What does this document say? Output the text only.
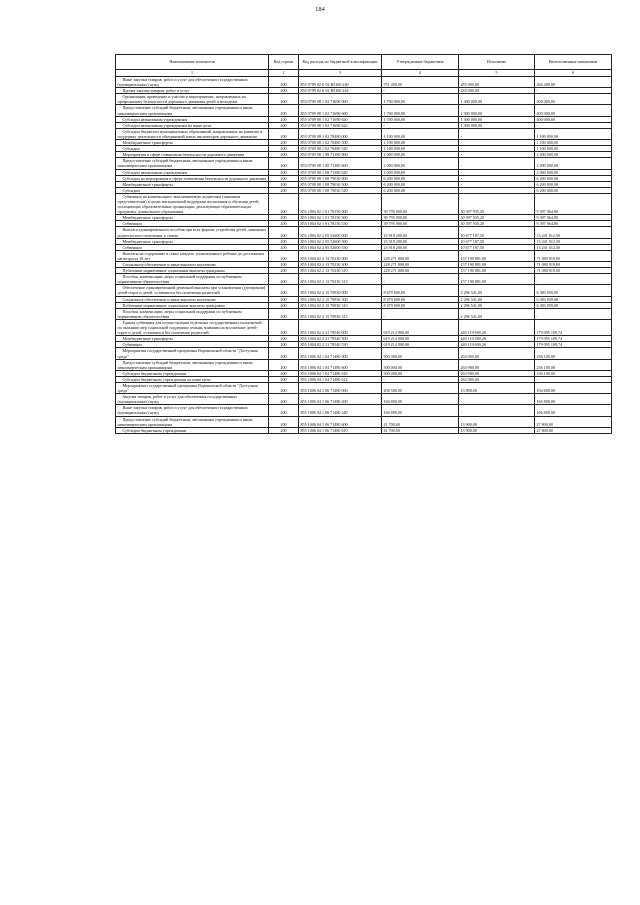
184
Наименование показателя	Код строки	Код расхода по бюджетной классификации	Утвержденные бюджетные	Исполнено	Неисполненные назначения
1	2	3	4	5	6
Иные закупки товаров, работ и услуг для обеспечения государственных (муниципальных) нужд	200	855 0709 02 Б 02 R5160 240	751 400,00	285 000,00	466 400,00
Прочая закупка товаров, работ и услуг	200	855 0709 02 Б 02 R5160 244	-	285 000,00	-
Организация, проведение и участие в мероприятиях, направленных на профилактику безопасности дорожного движения детей и молодежи	200	855 0709 08 1 02 71690 000	1 700 000,00	1 300 000,00	400 000,00
Предоставление субсидий бюджетным, автономным учреждениям и иным некоммерческим организациям	200	855 0709 08 1 02 71690 600	1 700 000,00	1 300 000,00	400 000,00
Субсидии автономным учреждениям	200	855 0709 08 1 02 71690 620	1 700 000,00	1 300 000,00	400 000,00
Субсидии автономным учреждениям на иные цели	200	855 0709 08 1 02 71690 622	-	1 300 000,00	-
Субсидии бюджетам муниципальных образований, направленные на развитие и поддержку деятельности объединений юных инспекторов дорожного движения	200	855 0709 08 1 02 78480 000	1 100 000,00	-	1 100 000,00
Межбюджетные трансферты	200	855 0709 08 1 02 78480 500	1 100 000,00	-	1 100 000,00
Субсидии	200	855 0709 08 1 02 78480 520	1 100 000,00	-	1 100 000,00
Мероприятия в сфере повышения безопасности дорожного движения	200	855 0709 08 1 08 71380 000	2 000 000,00	-	2 000 000,00
Предоставление субсидий бюджетным, автономным учреждениям и иным некоммерческим организациям	200	855 0709 08 1 08 71380 600	2 000 000,00	-	2 000 000,00
Субсидии автономным учреждениям	200	855 0709 08 1 08 71380 620	2 000 000,00	-	2 000 000,00
Субсидии на мероприятия в сфере повышения безопасности дорожного движения	200	855 0709 08 1 08 79030 000	6 200 000,00	-	6 200 000,00
Межбюджетные трансферты	200	855 0709 08 1 08 79030 500	6 200 000,00	-	6 200 000,00
Субсидии	200	855 0709 08 1 08 79030 520	6 200 000,00	-	6 200 000,00
Субвенции на компенсацию, выплачиваемую родителям (законным представителям) в целях материальной поддержки воспитания и обучения детей, посещающих образовательные организации, реализующие образовательную программу дошкольного образования	200	855 1004 02 1 01 78150 000	39 795 000,00	30 397 935,20	9 397 064,80
Межбюджетные трансферты	200	855 1004 02 1 01 78150 500	39 795 000,00	30 397 935,20	9 397 064,80
Субвенции	200	855 1004 02 1 01 78150 530	39 795 000,00	30 397 935,20	9 397 064,80
Выплата единовременного пособия при всех формах устройства детей, лишенных родительского попечения, в семью	200	855 1004 02 2 05 52600 000	23 918 200,00	10 677 187,50	13 241 012,50
Межбюджетные трансферты	200	855 1004 02 2 05 52600 500	23 918 200,00	10 677 187,50	13 241 012,50
Субвенции	200	855 1004 02 2 05 52600 530	23 918 200,00	10 677 187,50	13 241 012,50
Выплаты на содержание в семье каждого усыновленного ребенка до достижения им возраста 18 лет	200	855 1004 02 2 13 70230 000	228 271 800,00	157 190 881,00	71 080 919,00
Социальное обеспечение и иные выплаты населению	200	855 1004 02 2 13 70230 300	228 271 800,00	157 190 881,00	71 080 919,00
Публичные нормативные социальные выплаты гражданам	200	855 1004 02 2 13 70230 310	228 271 800,00	157 190 881,00	71 080 919,00
Пособия, компенсации, меры социальной поддержки по публичным нормативным обязательствам	200	855 1004 02 2 13 70230 313	-	157 190 881,00	-
Обеспечение единовременной денежной выплаты при усыновлении (удочерении) детей-сирот и детей, оставшихся без попечения родителей	200	855 1004 02 2 15 70930 000	8 679 600,00	2 296 541,00	6 383 059,00
Социальное обеспечение и иные выплаты населению	200	855 1004 02 2 15 70930 300	8 679 600,00	2 296 541,00	6 383 059,00
Публичные нормативные социальные выплаты гражданам	200	855 1004 02 2 15 70930 310	8 679 600,00	2 296 541,00	6 383 059,00
Пособия, компенсации, меры социальной поддержки по публичным нормативным обязательствам	200	855 1004 02 2 15 70930 313	-	2 296 541,00	-
Единая субвенция для осуществления отдельных государственных полномочий по оказанию мер социальной поддержки семьям, взявшим на воспитание детей-сирот и детей, оставшихся без попечения родителей	200	855 1004 02 2 21 78540 000	619 214 800,00	440 119 690,26	179 095 109,74
Межбюджетные трансферты	200	855 1004 02 2 21 78540 500	619 214 800,00	440 119 690,26	179 095 109,74
Субвенции	200	855 1004 02 2 21 78540 530	619 214 800,00	440 119 690,26	179 095 109,74
Мероприятия государственной программы Воронежской области "Доступная среда"	200	855 1006 04 1 04 71480 000	500 000,00	263 900,00	236 100,00
Предоставление субсидий бюджетным, автономным учреждениям и иным некоммерческим организациям	200	855 1006 04 1 04 71480 600	500 000,00	263 900,00	236 100,00
Субсидии бюджетным учреждениям	200	855 1006 04 1 04 71480 610	500 000,00	263 900,00	236 100,00
Субсидии бюджетным учреждениям на иные цели	200	855 1006 04 1 04 71480 612	-	263 900,00	-
Мероприятия государственной программы Воронежской области "Доступная среда"	200	855 1006 04 1 06 71480 000	208 500,00	13 900,00	194 600,00
Закупка товаров, работ и услуг для обеспечения государственных (муниципальных) нужд	200	855 1006 04 1 06 71480 200	166 800,00	-	166 800,00
Иные закупки товаров, работ и услуг для обеспечения государственных (муниципальных) нужд	200	855 1006 04 1 06 71480 240	166 800,00	-	166 800,00
Предоставление субсидий бюджетным, автономным учреждениям и иным некоммерческим организациям	200	855 1006 04 1 06 71480 600	41 700,00	13 900,00	27 800,00
Субсидии бюджетным учреждениям	200	855 1006 04 1 06 71480 610	41 700,00	13 900,00	27 800,00
